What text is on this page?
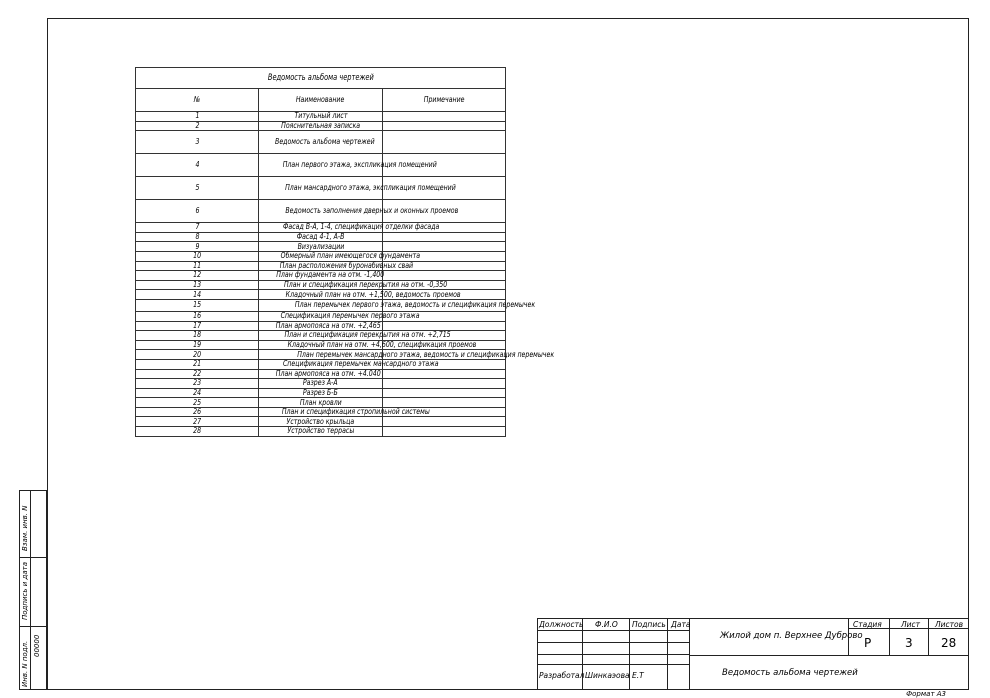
Ведомость альбома чертежей		
№	Наименование	Примечание
1	Титульный лист	
2	Пояснительная записка	
3	Ведомость альбома чертежей	
4	План первого этажа, экспликация помещений	
5	План мансардного этажа, экспликация помещений	
6	Ведомость заполнения дверных и оконных проемов	
7	Фасад В-А, 1-4, спецификация отделки фасада	
8	Фасад 4-1, А-В	
9	Визуализации	
10	Обмерный план имеющегося фундамента	
11	План расположения буронабивных свай	
12	План фундамента на отм. -1,400	
13	План и спецификация перекрытия на отм. -0,350	
14	Кладочный план на отм. +1,500, ведомость проемов	
15	План перемычек первого этажа, ведомость и спецификация перемычек	
16	Спецификация перемычек первого этажа	
17	План армопояса на отм. +2,465	
18	План и спецификация перекрытия на отм. +2,715	
19	Кладочный план на отм. +4,600, спецификация проемов	
20	План перемычек мансардного этажа, ведомость и спецификация перемычек	
21	Спецификация перемычек мансардного этажа	
22	План армопояса на отм. +4.040	
23	Разрез А-А	
24	Разрез Б-Б	
25	План кровли	
26	План и спецификация стропильной системы	
27	Устройство крыльца	
28	Устройство террасы	
Взам. инв. N
Подпись и дата
Инв. N подл. 00000
Должность Ф.И.О Подпись Дата
Разработал Шинкаэова Е.Т
Жилой дом п. Верхнее Дуброво
Ведомость альбома чертежей
Стадия	Лист Листов
Р	3 28
Формат А3
